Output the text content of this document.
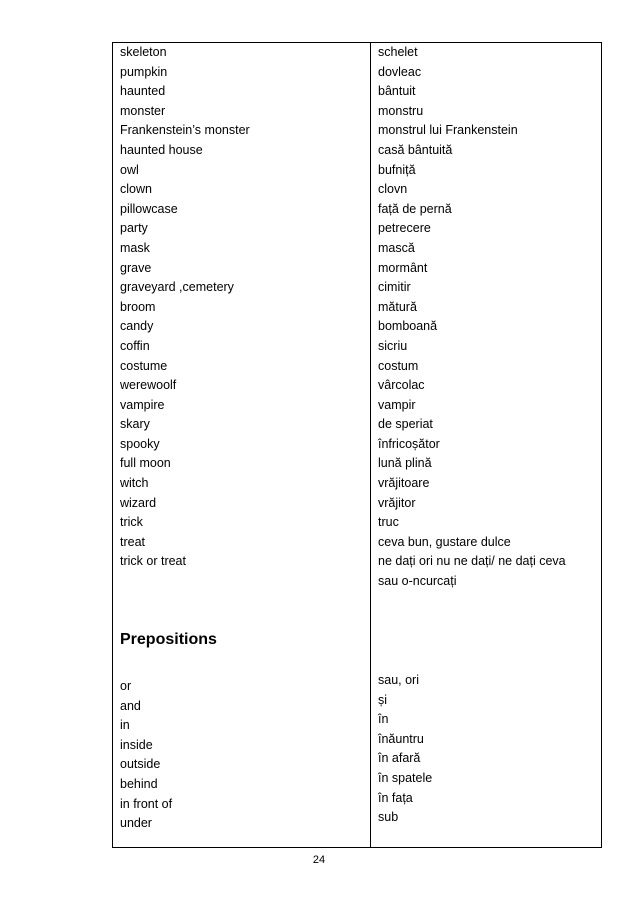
skeleton
pumpkin
haunted
monster
Frankenstein’s monster
haunted house
owl
clown
pillowcase
party
mask
grave
graveyard ,cemetery
broom
candy
coffin
costume
werewoolf
vampire
skary
spooky
full moon
witch
wizard
trick
treat
trick or treat
schelet
dovleac
bântuit
monstru
monstrul lui Frankenstein
casă bântuită
bufniță
clovn
față de pernă
petrecere
mască
mormânt
cimitir
mătură
bomboană
sicriu
costum
vârcolac
vampir
de speriat
înfricoșător
lună plină
vrăjitoare
vrăjitor
truc
ceva bun, gustare dulce
ne dați ori nu ne dați/ ne dați ceva
sau o-ncurcați
Prepositions
or
and
in
inside
outside
behind
in front of
under
sau, ori
și
în
înăuntru
în afară
în spatele
în fața
sub
24
